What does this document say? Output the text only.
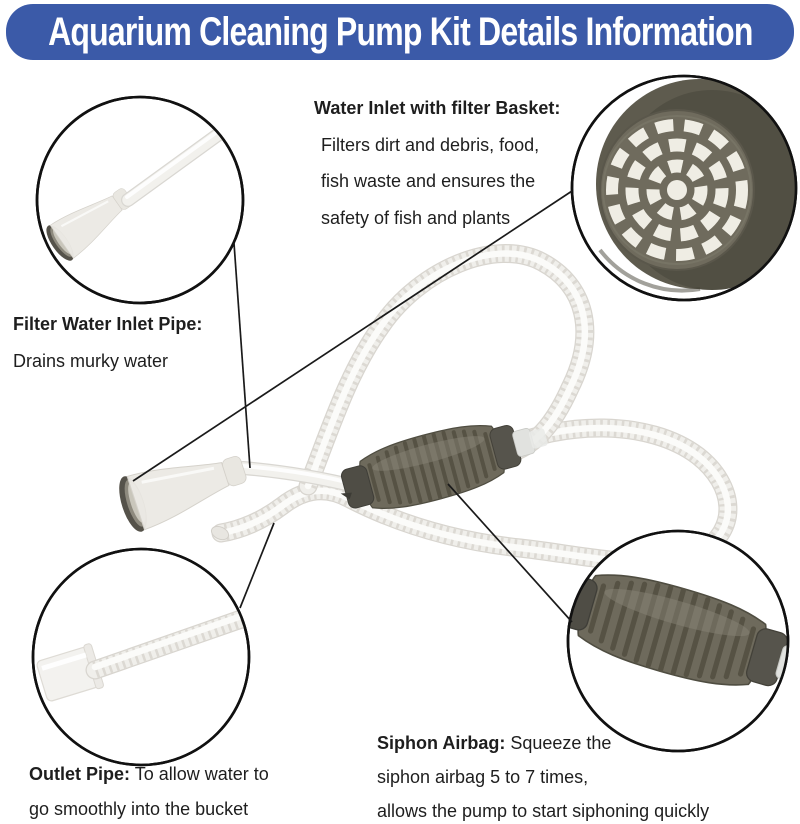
Aquarium Cleaning Pump Kit Details Information
Water Inlet with filter Basket:
Filters dirt and debris, food,
fish waste and ensures the
safety of fish and plants
Filter Water Inlet Pipe:
Drains murky water
Outlet Pipe: To allow water to
go smoothly into the bucket
Siphon Airbag: Squeeze the
siphon airbag 5 to 7 times,
allows the pump to start siphoning quickly
